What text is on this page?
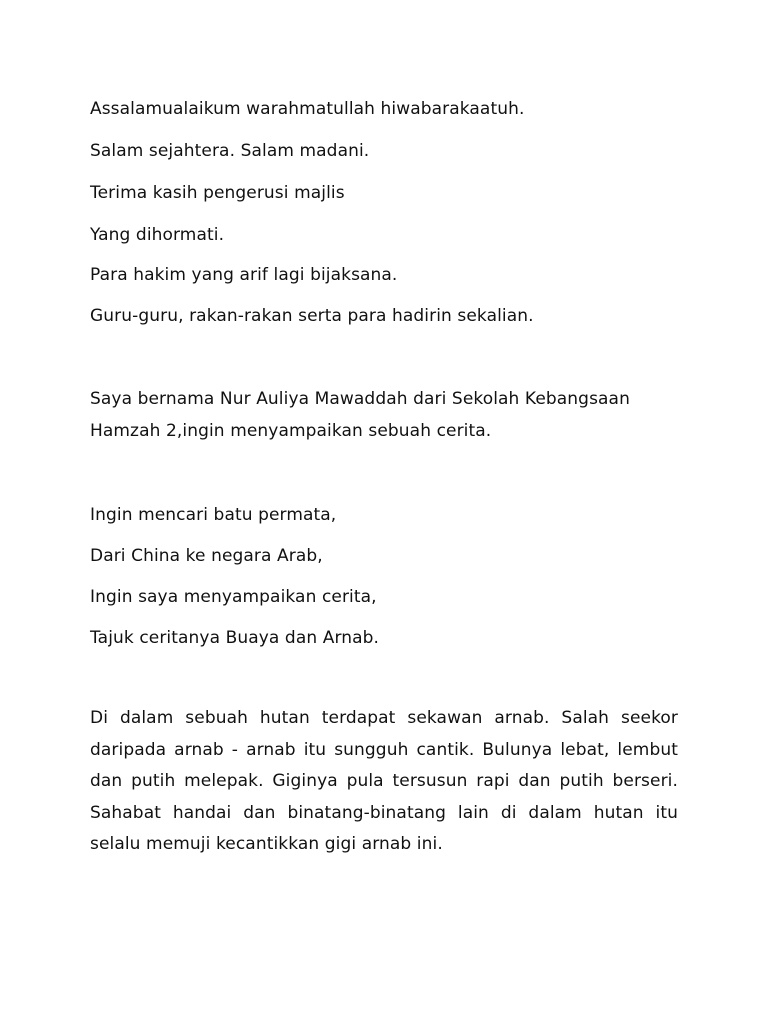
Assalamualaikum warahmatullah hiwabarakaatuh.
Salam sejahtera. Salam madani.
Terima kasih pengerusi majlis
Yang dihormati.
Para hakim yang arif lagi bijaksana.
Guru-guru, rakan-rakan serta para hadirin sekalian.
Saya bernama Nur Auliya Mawaddah dari Sekolah Kebangsaan
Hamzah 2,ingin menyampaikan sebuah cerita.
Ingin mencari batu permata,
Dari China ke negara Arab,
Ingin saya menyampaikan cerita,
Tajuk ceritanya Buaya dan Arnab.
Di dalam sebuah hutan terdapat sekawan arnab. Salah seekor daripada arnab - arnab itu sungguh cantik. Bulunya lebat, lembut dan putih melepak. Giginya pula tersusun rapi dan putih berseri. Sahabat handai dan binatang-binatang lain di dalam hutan itu selalu memuji kecantikkan gigi arnab ini.
